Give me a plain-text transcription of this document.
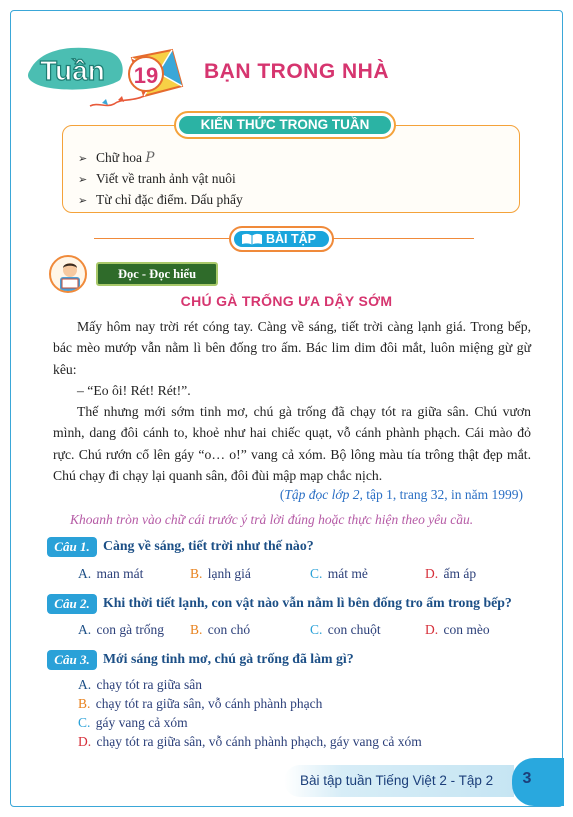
Tuần 19 BẠN TRONG NHÀ
KIẾN THỨC TRONG TUẦN
➢ Chữ hoa P
➢ Viết về tranh ảnh vật nuôi
➢ Từ chỉ đặc điểm. Dấu phẩy
BÀI TẬP
Đọc - Đọc hiểu
CHÚ GÀ TRỐNG ƯA DẬY SỚM

Mấy hôm nay trời rét cóng tay. Càng về sáng, tiết trời càng lạnh giá. Trong bếp, bác mèo mướp vẫn nằm lì bên đống tro ấm. Bác lim dim đôi mắt, luôn miệng gừ gừ kêu:

– “Eo ôi! Rét! Rét!”.

Thế nhưng mới sớm tinh mơ, chú gà trống đã chạy tót ra giữa sân. Chú vươn mình, dang đôi cánh to, khoẻ như hai chiếc quạt, vỗ cánh phành phạch. Cái mào đỏ rực. Chú rướn cổ lên gáy “o… o!” vang cả xóm. Bộ lông màu tía trông thật đẹp mắt. Chú chạy đi chạy lại quanh sân, đôi đùi mập mạp chắc nịch.

(Tập đọc lớp 2, tập 1, trang 32, in năm 1999)
Khoanh tròn vào chữ cái trước ý trả lời đúng hoặc thực hiện theo yêu cầu.
Câu 1. Càng về sáng, tiết trời như thế nào?
A. man mát	B. lạnh giá	C. mát mẻ	D. ấm áp
Câu 2. Khi thời tiết lạnh, con vật nào vẫn nằm lì bên đống tro ấm trong bếp?
A. con gà trống B. con chó	C. con chuột	D. con mèo
Câu 3. Mới sáng tinh mơ, chú gà trống đã làm gì?
A. chạy tót ra giữa sân
B. chạy tót ra giữa sân, vỗ cánh phành phạch
C. gáy vang cả xóm
D. chạy tót ra giữa sân, vỗ cánh phành phạch, gáy vang cả xóm
Bài tập tuần Tiếng Việt 2 - Tập 2	3
